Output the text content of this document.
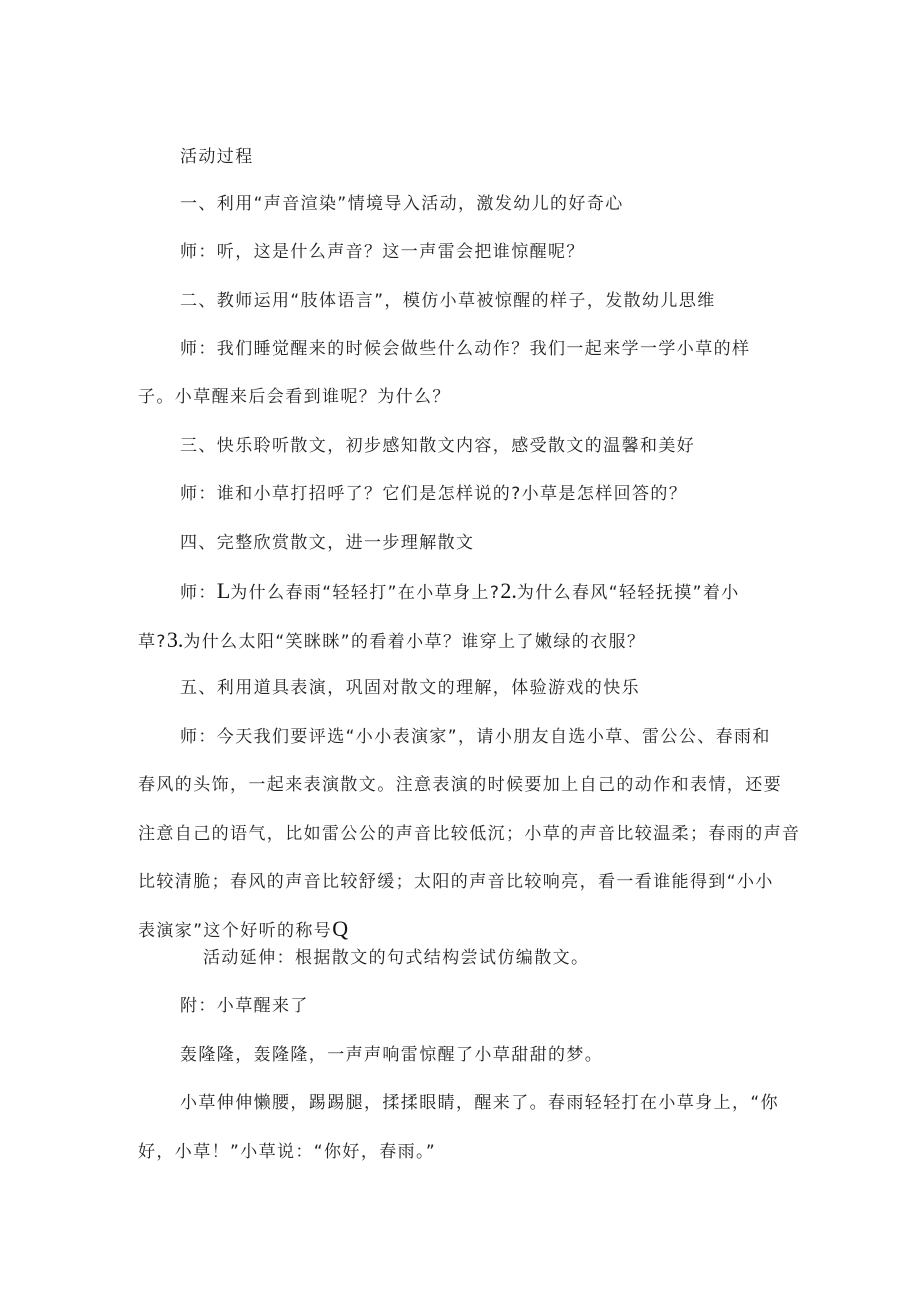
活动过程
一、利用“声音渲染”情境导入活动，激发幼儿的好奇心
师：听，这是什么声音？这一声雷会把谁惊醒呢？
二、教师运用“肢体语言”，模仿小草被惊醒的样子，发散幼儿思维
师：我们睡觉醒来的时候会做些什么动作？我们一起来学一学小草的样
子。小草醒来后会看到谁呢？为什么？
三、快乐聆听散文，初步感知散文内容，感受散文的温馨和美好
师：谁和小草打招呼了？它们是怎样说的?小草是怎样回答的？
四、完整欣赏散文，进一步理解散文
师：L为什么春雨“轻轻打”在小草身上?2.为什么春风“轻轻抚摸”着小
草?3.为什么太阳“笑眯眯”的看着小草？谁穿上了嫩绿的衣服？
五、利用道具表演，巩固对散文的理解，体验游戏的快乐
师：今天我们要评选“小小表演家”，请小朋友自选小草、雷公公、春雨和
春风的头饰，一起来表演散文。注意表演的时候要加上自己的动作和表情，还要
注意自己的语气，比如雷公公的声音比较低沉；小草的声音比较温柔；春雨的声音
比较清脆；春风的声音比较舒缓；太阳的声音比较响亮，看一看谁能得到“小小
表演家”这个好听的称号Q
活动延伸：根据散文的句式结构尝试仿编散文。
附：小草醒来了
轰隆隆，轰隆隆，一声声响雷惊醒了小草甜甜的梦。
小草伸伸懒腰，踢踢腿，揉揉眼睛，醒来了。春雨轻轻打在小草身上，“你
好，小草！”小草说：“你好，春雨。”
